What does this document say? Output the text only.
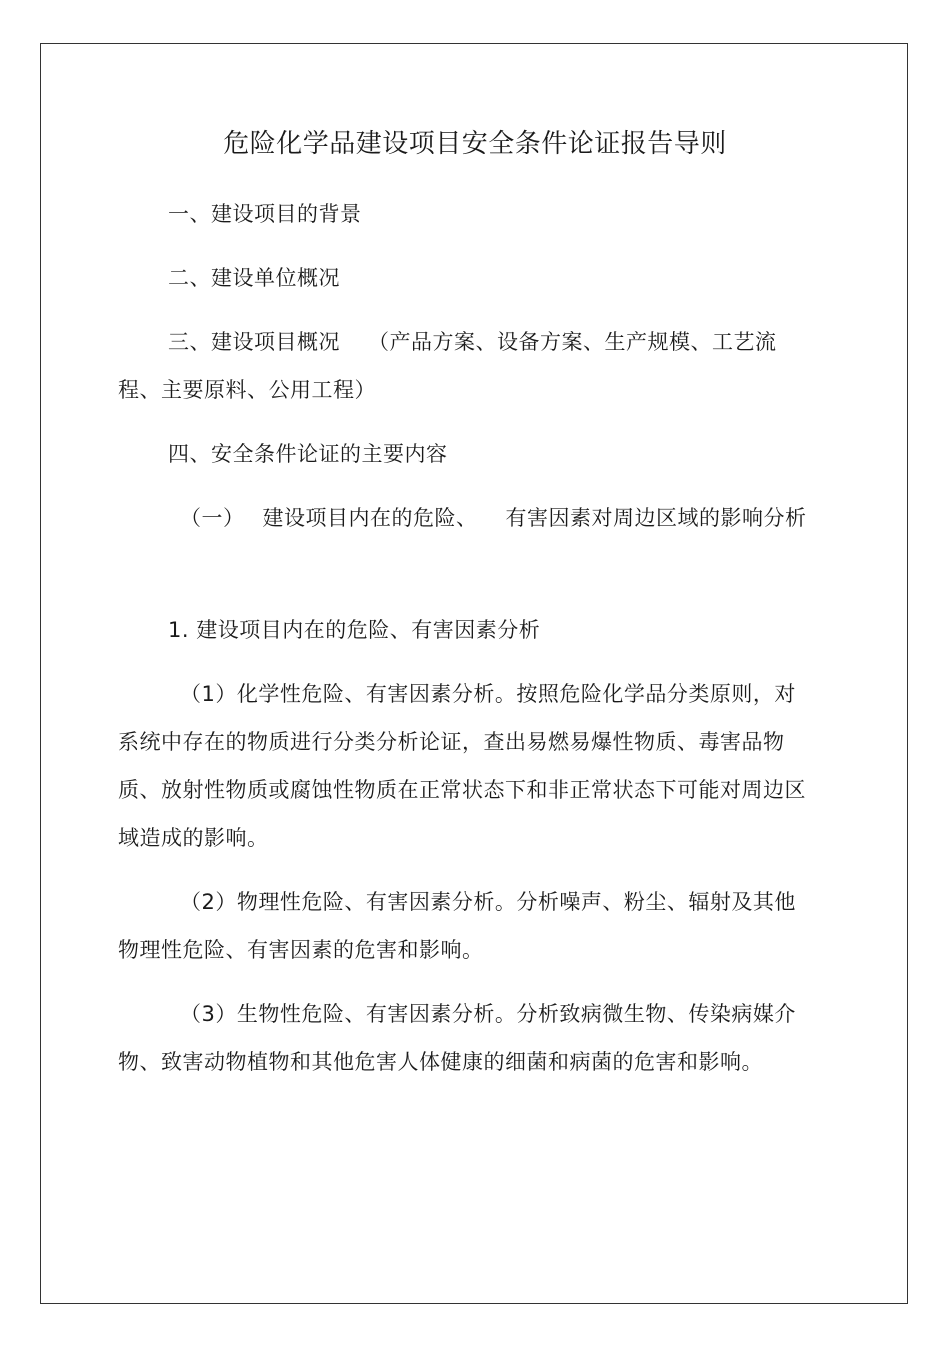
危险化学品建设项目安全条件论证报告导则

一、建设项目的背景

二、建设单位概况

三、建设项目概况 （产品方案、设备方案、生产规模、工艺流程、主要原料、公用工程）

四、安全条件论证的主要内容

（一） 建设项目内在的危险、 有害因素对周边区域的影响分析

1. 建设项目内在的危险、有害因素分析

（1）化学性危险、有害因素分析。按照危险化学品分类原则，对系统中存在的物质进行分类分析论证，查出易燃易爆性物质、毒害品物质、放射性物质或腐蚀性物质在正常状态下和非正常状态下可能对周边区域造成的影响。

（2）物理性危险、有害因素分析。分析噪声、粉尘、辐射及其他物理性危险、有害因素的危害和影响。

（3）生物性危险、有害因素分析。分析致病微生物、传染病媒介物、致害动物植物和其他危害人体健康的细菌和病菌的危害和影响。
